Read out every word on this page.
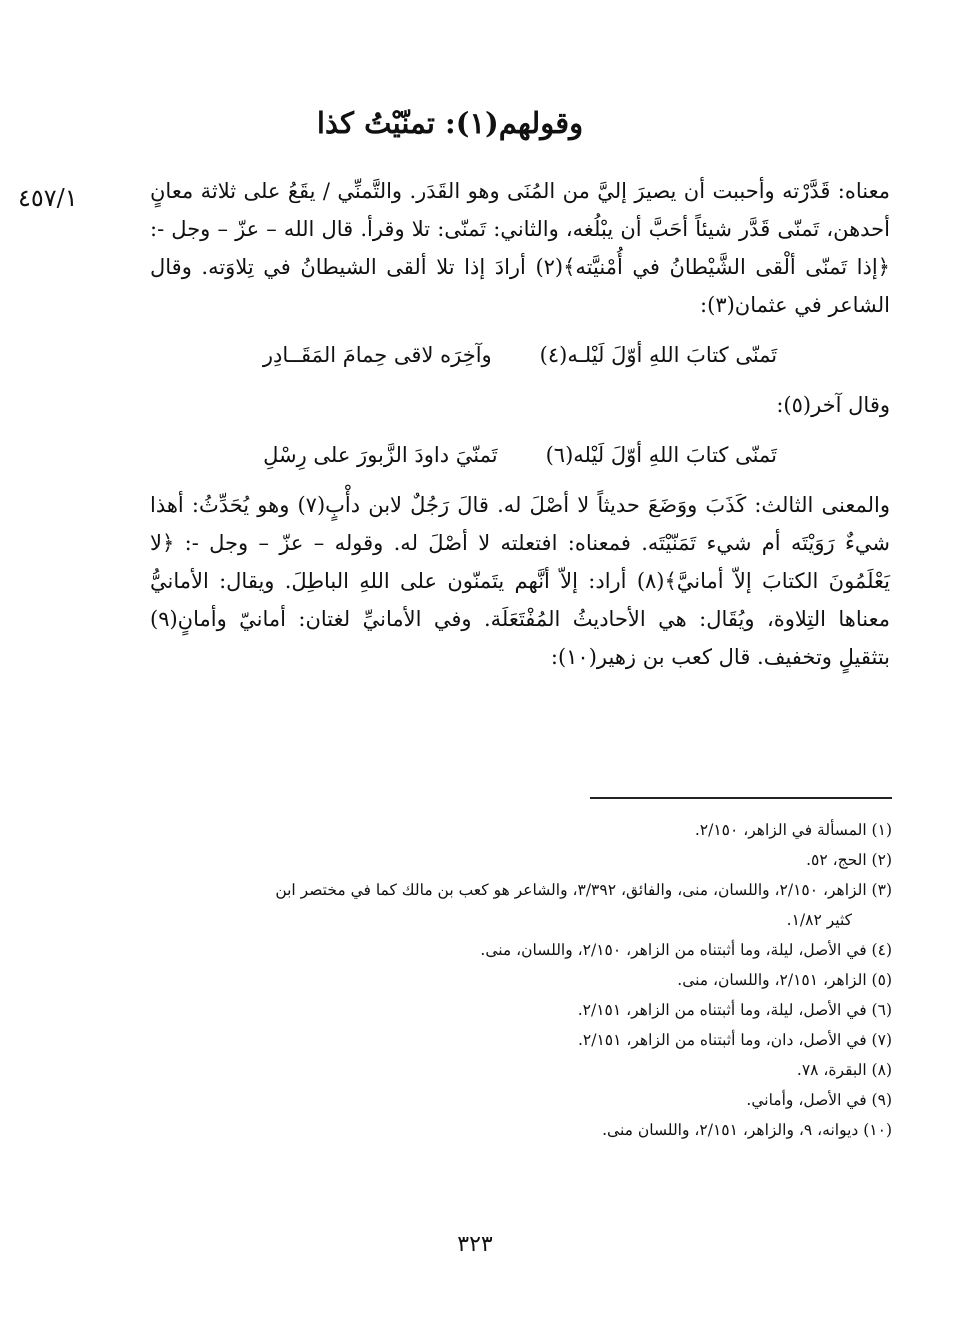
وقولهم(١): تمنّيْتُ كذا
٤٥٧/١	معناه: قَدَّرْته وأحببت أن يصيرَ إليَّ من المُنَى وهو القَدَر. والتَّمنِّي / يقَعُ على ثلاثة معانٍ أحدهن، تَمنّى قَدَّر شيئاً أحَبَّ أن يبْلُغه، والثاني: تَمنّى: تلا وقرأ. قال الله – عزّ – وجل -: ﴿إذا تَمنّى ألْقى الشَّيْطانُ في أُمْنيَّته﴾(٢) أرادَ إذا تلا ألقى الشيطانُ في تِلاوَته. وقال الشاعر في عثمان(٣):

تَمنّى كتابَ اللهِ أوّلَ لَيْلـه(٤)
وآخِرَه لاقى حِمامَ المَقَــادِر

وقال آخر(٥):

تَمنّى كتابَ اللهِ أوّلَ لَيْله(٦)
تَمنّيَ داودَ الزَّبورَ على رِسْلِ

والمعنى الثالث: كَذَبَ ووَضَعَ حديثاً لا أصْلَ له. قالَ رَجُلٌ لابن دأْبٍ(٧) وهو يُحَدِّثُ: أهذا شيءٌ رَوَيْتَه أم شيء تَمَنّيْتَه. فمعناه: افتعلته لا أصْلَ له. وقوله – عزّ – وجل -: ﴿لا يَعْلَمُونَ الكتابَ إلاّ أمانيَّ﴾(٨) أراد: إلاّ أنَّهم يتَمنّون على اللهِ الباطِلَ. ويقال: الأمانيُّ معناها التِلاوة، ويُقَال: هي الأحاديثُ المُفْتَعَلَة. وفي الأمانيِّ لغتان: أمانيّ وأمانٍ(٩) بتثقيلٍ وتخفيف. قال كعب بن زهير(١٠):

(١) المسألة في الزاهر، ٢/١٥٠.

(٢) الحج، ٥٢.

(٣) الزاهر، ٢/١٥٠، واللسان، منى، والفائق، ٣/٣٩٢، والشاعر هو كعب بن مالك كما في مختصر ابن

كثير ١/٨٢.

(٤) في الأصل، ليلة، وما أثبتناه من الزاهر، ٢/١٥٠، واللسان، منى.

(٥) الزاهر، ٢/١٥١، واللسان، منى.

(٦) في الأصل، ليلة، وما أثبتناه من الزاهر، ٢/١٥١.

(٧) في الأصل، دان، وما أثبتناه من الزاهر، ٢/١٥١.

(٨) البقرة، ٧٨.

(٩) في الأصل، وأماني.

(١٠) ديوانه، ٩، والزاهر، ٢/١٥١، واللسان منى.

٣٢٣
